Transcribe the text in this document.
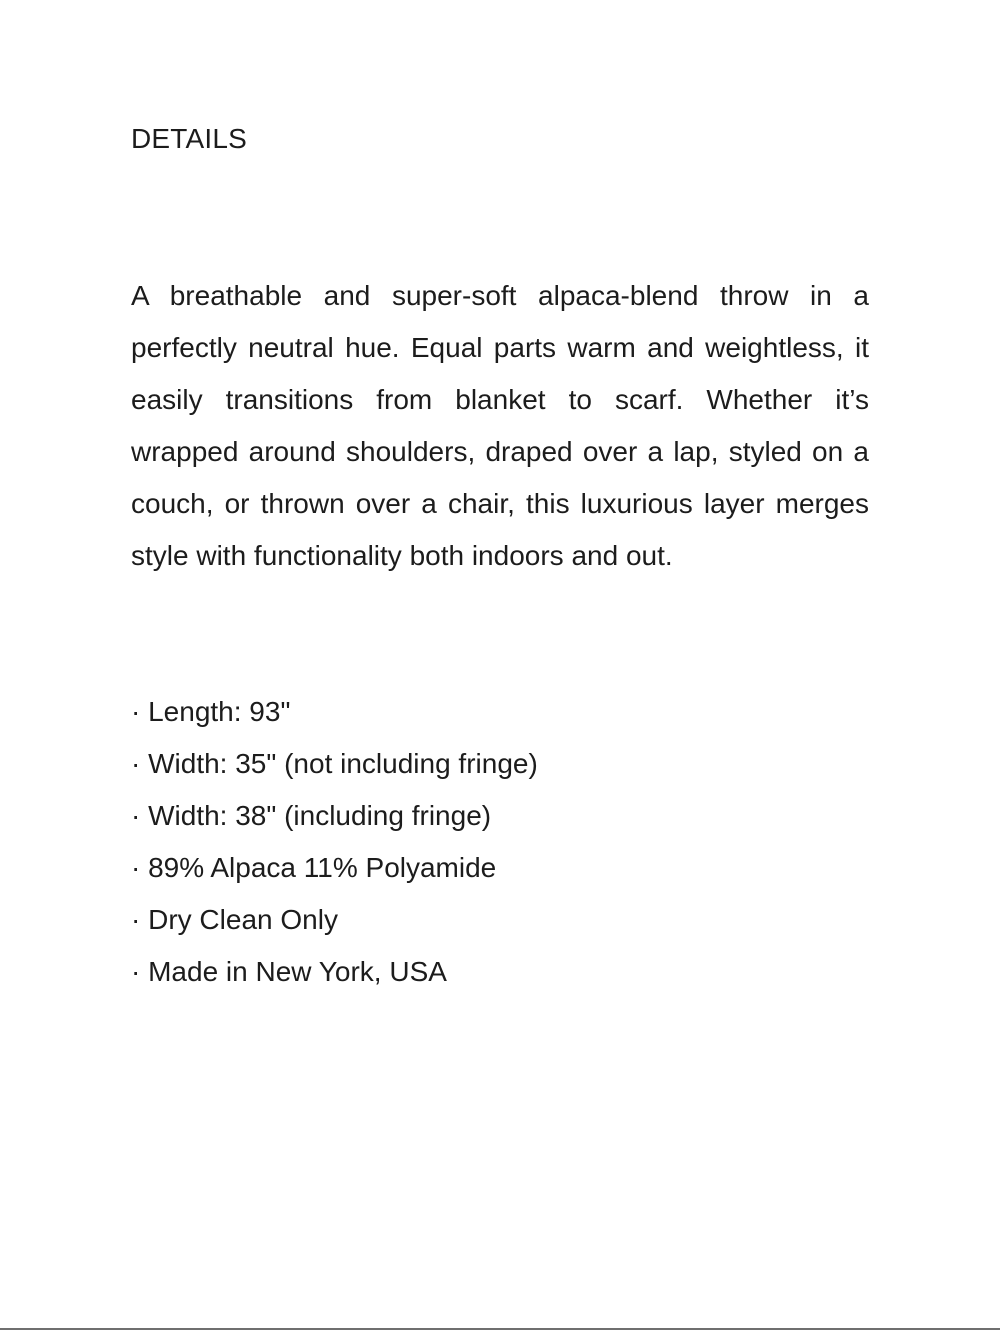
DETAILS

A breathable and super-soft alpaca-blend throw in a perfectly neutral hue. Equal parts warm and weightless, it easily transitions from blanket to scarf. Whether it’s wrapped around shoulders, draped over a lap, styled on a couch, or thrown over a chair, this luxurious layer merges style with functionality both indoors and out.

· Length: 93"
· Width: 35" (not including fringe)
· Width: 38" (including fringe)
· 89% Alpaca 11% Polyamide
· Dry Clean Only
· Made in New York, USA
